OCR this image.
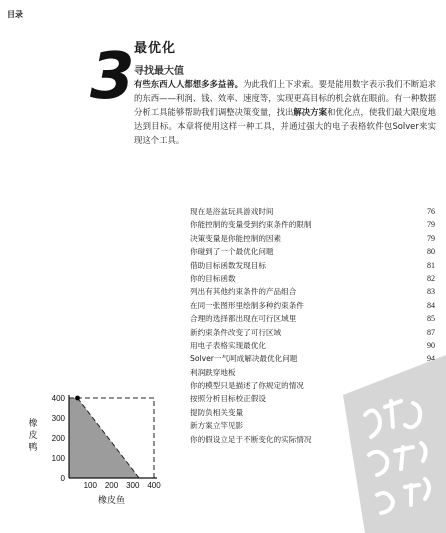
目录
3 最优化
寻找最大值
有些东西人人都想多多益善。为此我们上下求索。要是能用数字表示我们不断追求的东西——利润、钱、效率、速度等，实现更高目标的机会就在眼前。有一种数据分析工具能够帮助我们调整决策变量，找出解决方案和优化点，使我们最大限度地达到目标。本章将使用这样一种工具，并通过强大的电子表格软件包Solver来实现这个工具。
现在是浴盆玩具游戏时间	76
你能控制的变量受到约束条件的限制	79
决策变量是你能控制的因素	79
你碰到了一个最优化问题	80
借助目标函数发现目标	81
你的目标函数	82
列出有其他约束条件的产品组合	83
在同一张图形里绘制多种约束条件	84
合理的选择都出现在可行区域里	85
新约束条件改变了可行区域	87
用电子表格实现最优化	90
Solver一气呵成解决最优化问题	94
利润跌穿地板
你的模型只是描述了你规定的情况
按照分析目标校正假设
提防负相关变量
新方案立竿见影
你的假设立足于不断变化的实际情况
0
100
200
300
400
100 200 300 400
橡
皮
鸭
橡皮鱼
